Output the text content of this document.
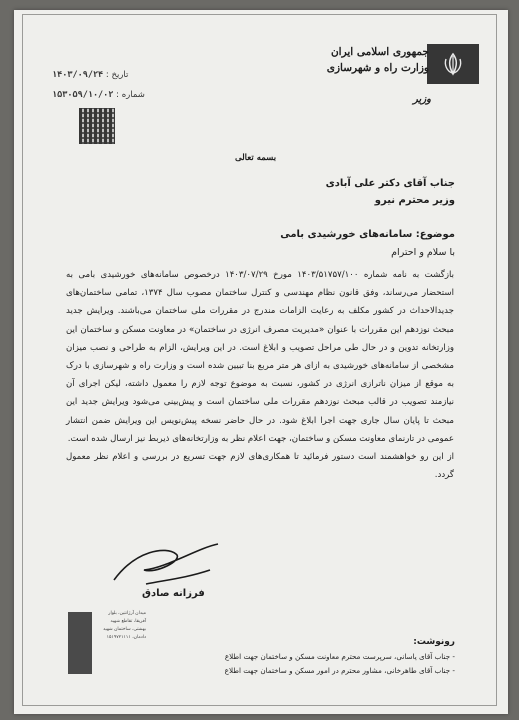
جمهوری اسلامی ایران
وزارت راه و شهرسازی
وزیر
تاریخ : ۱۴۰۳/۰۹/۲۴
شماره : ۱۵۳۰۵۹/۱۰/۰۲
بسمه تعالی
جناب آقای دکتر علی آبادی
وزیر محترم نیرو
موضوع: سامانه‌های خورشیدی بامی
با سلام و احترام

بازگشت به نامه شماره ۱۴۰۳/۵۱۷۵۷/۱۰۰ مورخ ۱۴۰۳/۰۷/۲۹ درخصوص سامانه‌های خورشیدی بامی به استحضار می‌رساند، وفق قانون نظام مهندسی و کنترل ساختمان مصوب سال ۱۳۷۴، تمامی ساختمان‌های جدیدالاحداث در کشور مکلف به رعایت الزامات مندرج در مقررات ملی ساختمان می‌باشند. ویرایش جدید مبحث نوزدهم این مقررات با عنوان «مدیریت مصرف انرژی در ساختمان» در معاونت مسکن و ساختمان این وزارتخانه تدوین و در حال طی مراحل تصویب و ابلاغ است. در این ویرایش، الزام به طراحی و نصب میزان مشخصی از سامانه‌های خورشیدی به ازای هر متر مربع بنا تبیین شده است و وزارت راه و شهرسازی با درک به موقع از میزان ناترازی انرژی در کشور، نسبت به موضوع توجه لازم را معمول داشته، لیکن اجرای آن نیازمند تصویب در قالب مبحث نوزدهم مقررات ملی ساختمان است و پیش‌بینی می‌شود ویرایش جدید این مبحث تا پایان سال جاری جهت اجرا ابلاغ شود. در حال حاضر نسخه پیش‌نویس این ویرایش ضمن انتشار عمومی در تارنمای معاونت مسکن و ساختمان، جهت اعلام نظر به وزارتخانه‌های ذیربط نیز ارسال شده است.

از این رو خواهشمند است دستور فرمائید تا همکاری‌های لازم جهت تسریع در بررسی و اعلام نظر معمول گردد.

فرزانه صادق
میدان آرژانتین، بلوار آفریقا، تقاطع شهید بهشتی، ساختمان شهید دادمان، ۱۵۱۹۷۲۱۱۱۱	رونوشت:
- جناب آقای یاسانی، سرپرست محترم معاونت مسکن و ساختمان جهت اطلاع
- جناب آقای طاهرخانی، مشاور محترم در امور مسکن و ساختمان جهت اطلاع
